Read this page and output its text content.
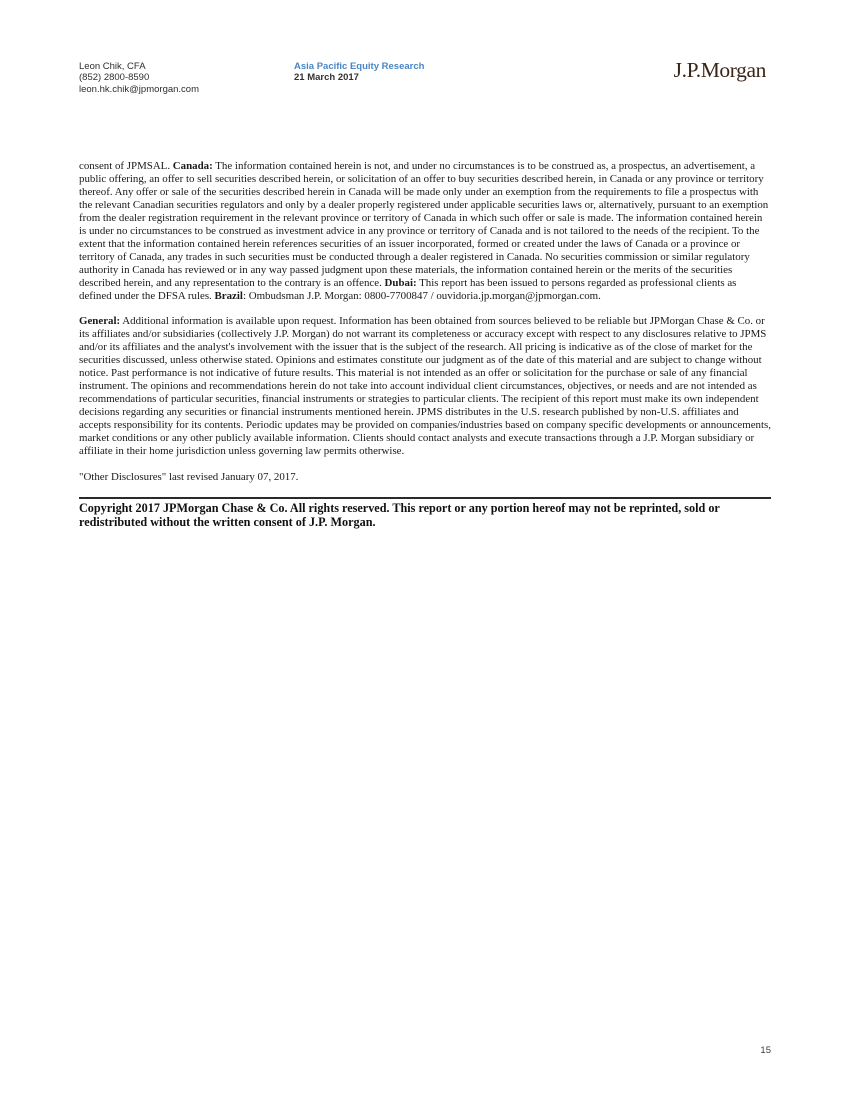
Leon Chik, CFA
(852) 2800-8590
leon.hk.chik@jpmorgan.com
Asia Pacific Equity Research
21 March 2017	J.P.Morgan

consent of JPMSAL. Canada: The information contained herein is not, and under no circumstances is to be construed as, a prospectus, an advertisement, a public offering, an offer to sell securities described herein, or solicitation of an offer to buy securities described herein, in Canada or any province or territory thereof. Any offer or sale of the securities described herein in Canada will be made only under an exemption from the requirements to file a prospectus with the relevant Canadian securities regulators and only by a dealer properly registered under applicable securities laws or, alternatively, pursuant to an exemption from the dealer registration requirement in the relevant province or territory of Canada in which such offer or sale is made. The information contained herein is under no circumstances to be construed as investment advice in any province or territory of Canada and is not tailored to the needs of the recipient. To the extent that the information contained herein references securities of an issuer incorporated, formed or created under the laws of Canada or a province or territory of Canada, any trades in such securities must be conducted through a dealer registered in Canada. No securities commission or similar regulatory authority in Canada has reviewed or in any way passed judgment upon these materials, the information contained herein or the merits of the securities described herein, and any representation to the contrary is an offence. Dubai: This report has been issued to persons regarded as professional clients as defined under the DFSA rules. Brazil: Ombudsman J.P. Morgan: 0800-7700847 / ouvidoria.jp.morgan@jpmorgan.com.

General: Additional information is available upon request. Information has been obtained from sources believed to be reliable but JPMorgan Chase & Co. or its affiliates and/or subsidiaries (collectively J.P. Morgan) do not warrant its completeness or accuracy except with respect to any disclosures relative to JPMS and/or its affiliates and the analyst's involvement with the issuer that is the subject of the research. All pricing is indicative as of the close of market for the securities discussed, unless otherwise stated. Opinions and estimates constitute our judgment as of the date of this material and are subject to change without notice. Past performance is not indicative of future results. This material is not intended as an offer or solicitation for the purchase or sale of any financial instrument. The opinions and recommendations herein do not take into account individual client circumstances, objectives, or needs and are not intended as recommendations of particular securities, financial instruments or strategies to particular clients. The recipient of this report must make its own independent decisions regarding any securities or financial instruments mentioned herein. JPMS distributes in the U.S. research published by non-U.S. affiliates and accepts responsibility for its contents. Periodic updates may be provided on companies/industries based on company specific developments or announcements, market conditions or any other publicly available information. Clients should contact analysts and execute transactions through a J.P. Morgan subsidiary or affiliate in their home jurisdiction unless governing law permits otherwise.

"Other Disclosures" last revised January 07, 2017.

Copyright 2017 JPMorgan Chase & Co. All rights reserved. This report or any portion hereof may not be reprinted, sold or redistributed without the written consent of J.P. Morgan.

15
